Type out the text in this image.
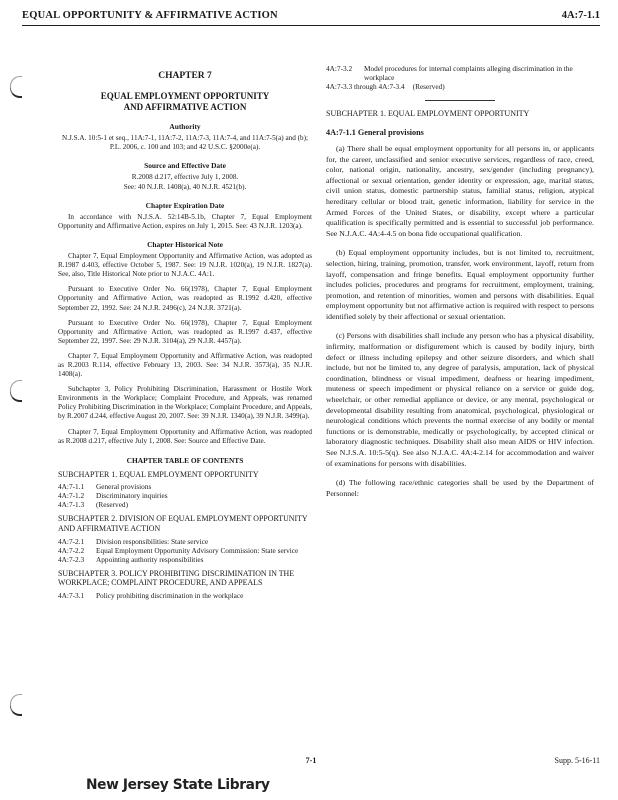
EQUAL OPPORTUNITY & AFFIRMATIVE ACTION	4A:7-1.1
CHAPTER 7
EQUAL EMPLOYMENT OPPORTUNITY
AND AFFIRMATIVE ACTION
Authority
N.J.S.A. 10:5-1 et seq., 11A:7-1, 11A:7-2, 11A:7-3, 11A:7-4, and 11A:7-5(a) and (b); P.L. 2006, c. 100 and 103; and 42 U.S.C. §2000e(a).
Source and Effective Date
R.2008 d.217, effective July 1, 2008.
See: 40 N.J.R. 1408(a), 40 N.J.R. 4521(b).
Chapter Expiration Date
In accordance with N.J.S.A. 52:14B-5.1b, Chapter 7, Equal Employment Opportunity and Affirmative Action, expires on July 1, 2015. See: 43 N.J.R. 1203(a).
Chapter Historical Note
Chapter 7, Equal Employment Opportunity and Affirmative Action, was adopted as R.1987 d.403, effective October 5, 1987. See: 19 N.J.R. 1020(a), 19 N.J.R. 1827(a). See, also, Title Historical Note prior to N.J.A.C. 4A:1.
Pursuant to Executive Order No. 66(1978), Chapter 7, Equal Employment Opportunity and Affirmative Action, was readopted as R.1992 d.420, effective September 22, 1992. See: 24 N.J.R. 2496(c), 24 N.J.R. 3721(a).
Pursuant to Executive Order No. 66(1978), Chapter 7, Equal Employment Opportunity and Affirmative Action, was readopted as R.1997 d.437, effective September 22, 1997. See: 29 N.J.R. 3104(a), 29 N.J.R. 4457(a).
Chapter 7, Equal Employment Opportunity and Affirmative Action, was readopted as R.2003 R.114, effective February 13, 2003. See: 34 N.J.R. 3573(a), 35 N.J.R. 1408(a).
Subchapter 3, Policy Prohibiting Discrimination, Harassment or Hostile Work Environments in the Workplace; Complaint Procedure, and Appeals, was renamed Policy Prohibiting Discrimination in the Workplace; Complaint Procedure, and Appeals, by R.2007 d.244, effective August 20, 2007. See: 39 N.J.R. 1340(a), 39 N.J.R. 3499(a).
Chapter 7, Equal Employment Opportunity and Affirmative Action, was readopted as R.2008 d.217, effective July 1, 2008. See: Source and Effective Date.
CHAPTER TABLE OF CONTENTS
SUBCHAPTER 1. EQUAL EMPLOYMENT OPPORTUNITY
4A:7-1.1	General provisions
4A:7-1.2	Discriminatory inquiries
4A:7-1.3	(Reserved)
SUBCHAPTER 2. DIVISION OF EQUAL EMPLOYMENT OPPORTUNITY AND AFFIRMATIVE ACTION
4A:7-2.1	Division responsibilities: State service
4A:7-2.2	Equal Employment Opportunity Advisory Commission: State service
4A:7-2.3	Appointing authority responsibilities
SUBCHAPTER 3. POLICY PROHIBITING DISCRIMINATION IN THE WORKPLACE; COMPLAINT PROCEDURE, AND APPEALS
4A:7-3.1	Policy prohibiting discrimination in the workplace
4A:7-3.2	Model procedures for internal complaints alleging discrimination in the workplace
4A:7-3.3 through 4A:7-3.4 (Reserved)
SUBCHAPTER 1. EQUAL EMPLOYMENT OPPORTUNITY
4A:7-1.1 General provisions
(a) There shall be equal employment opportunity for all persons in, or applicants for, the career, unclassified and senior executive services, regardless of race, creed, color, national origin, nationality, ancestry, sex/gender (including pregnancy), affectional or sexual orientation, gender identity or expression, age, marital status, civil union status, domestic partnership status, familial status, religion, atypical hereditary cellular or blood trait, genetic information, liability for service in the Armed Forces of the United States, or disability, except where a particular qualification is specifically permitted and is essential to successful job performance. See N.J.A.C. 4A:4-4.5 on bona fide occupational qualification.
(b) Equal employment opportunity includes, but is not limited to, recruitment, selection, hiring, training, promotion, transfer, work environment, layoff, return from layoff, compensation and fringe benefits. Equal employment opportunity further includes policies, procedures and programs for recruitment, employment, training, promotion, and retention of minorities, women and persons with disabilities. Equal employment opportunity but not affirmative action is required with respect to persons identified solely by their affectional or sexual orientation.
(c) Persons with disabilities shall include any person who has a physical disability, infirmity, malformation or disfigurement which is caused by bodily injury, birth defect or illness including epilepsy and other seizure disorders, and which shall include, but not be limited to, any degree of paralysis, amputation, lack of physical coordination, blindness or visual impediment, deafness or hearing impediment, muteness or speech impediment or physical reliance on a service or guide dog, wheelchair, or other remedial appliance or device, or any mental, psychological or developmental disability resulting from anatomical, psychological, physiological or neurological conditions which prevents the normal exercise of any bodily or mental functions or is demonstrable, medically or psychologically, by accepted clinical or laboratory diagnostic techniques. Disability shall also mean AIDS or HIV infection. See N.J.S.A. 10:5-5(q). See also N.J.A.C. 4A:4-2.14 for accommodation and waiver of examinations for persons with disabilities.
(d) The following race/ethnic categories shall be used by the Department of Personnel:
7-1	Supp. 5-16-11
New Jersey State Library
